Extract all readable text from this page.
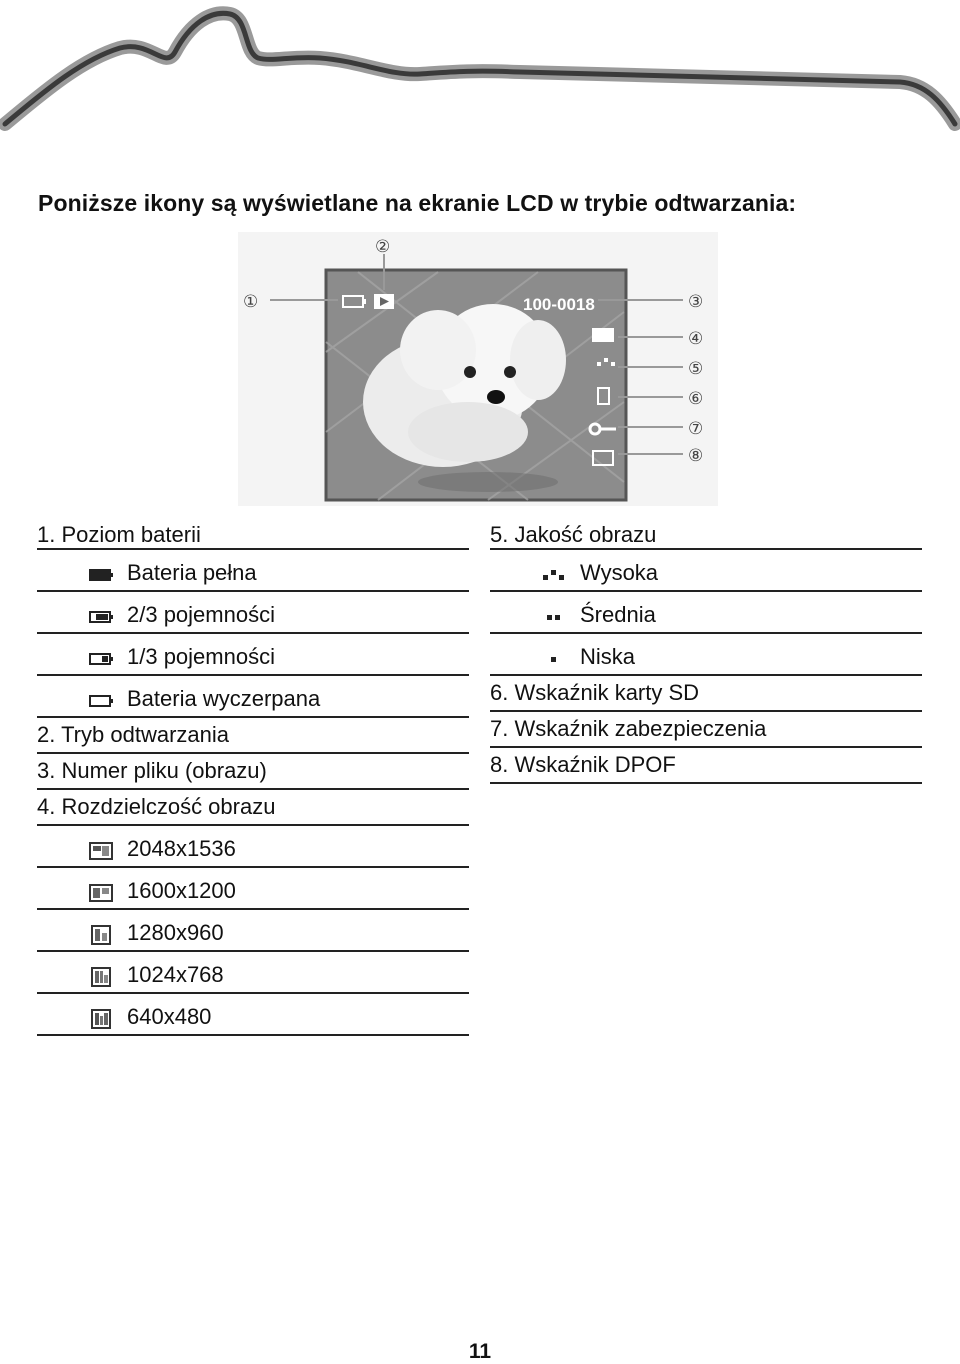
Poniższe ikony są wyświetlane na ekranie LCD w trybie odtwarzania:
100-0018
①
②
③
④
⑤
⑥
⑦
⑧
1. Poziom baterii
Bateria pełna
2/3 pojemności
1/3 pojemności
Bateria wyczerpana
2. Tryb odtwarzania
3. Numer pliku (obrazu)
4. Rozdzielczość obrazu
2048x1536
1600x1200
1280x960
1024x768
640x480
5. Jakość obrazu
Wysoka
Średnia
Niska
6. Wskaźnik karty SD
7. Wskaźnik zabezpieczenia
8. Wskaźnik DPOF
11
